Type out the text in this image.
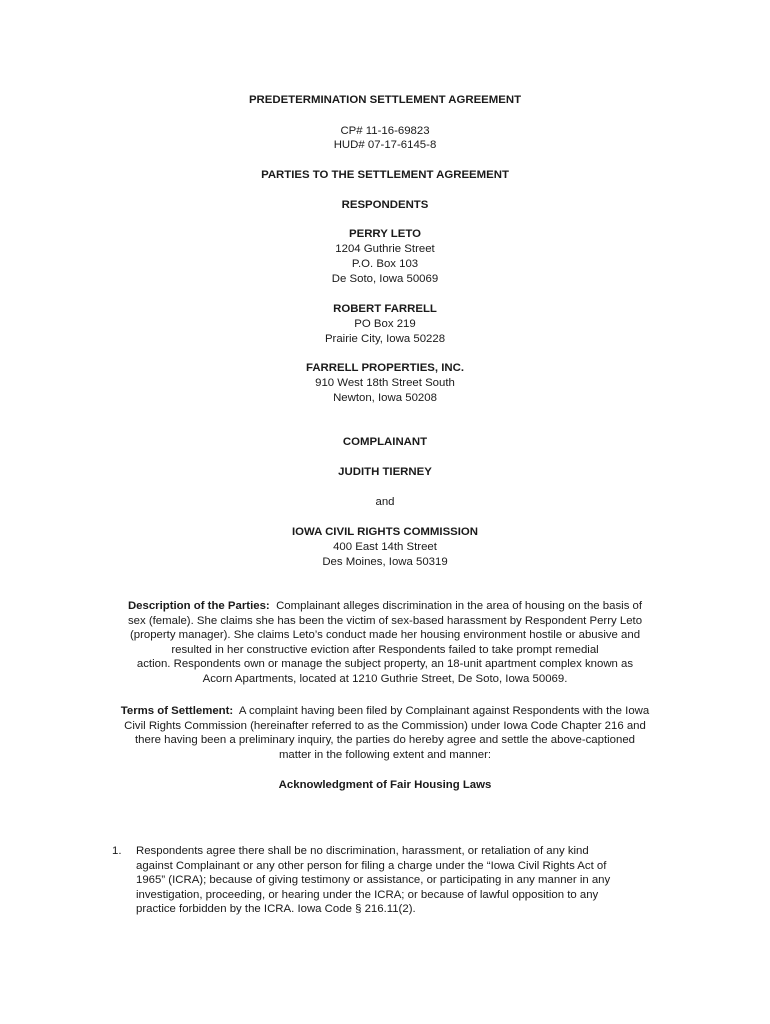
PREDETERMINATION SETTLEMENT AGREEMENT
CP# 11-16-69823
HUD# 07-17-6145-8
PARTIES TO THE SETTLEMENT AGREEMENT
RESPONDENTS
PERRY LETO
1204 Guthrie Street
P.O. Box 103
De Soto, Iowa 50069
ROBERT FARRELL
PO Box 219
Prairie City, Iowa 50228
FARRELL PROPERTIES, INC.
910 West 18th Street South
Newton, Iowa 50208
COMPLAINANT
JUDITH TIERNEY
and
IOWA CIVIL RIGHTS COMMISSION
400 East 14th Street
Des Moines, Iowa 50319
Description of the Parties: Complainant alleges discrimination in the area of housing on the basis of
sex (female). She claims she has been the victim of sex-based harassment by Respondent Perry Leto
(property manager). She claims Leto’s conduct made her housing environment hostile or abusive and
resulted in her constructive eviction after Respondents failed to take prompt remedial
action. Respondents own or manage the subject property, an 18-unit apartment complex known as
Acorn Apartments, located at 1210 Guthrie Street, De Soto, Iowa 50069.
Terms of Settlement: A complaint having been filed by Complainant against Respondents with the Iowa
Civil Rights Commission (hereinafter referred to as the Commission) under Iowa Code Chapter 216 and
there having been a preliminary inquiry, the parties do hereby agree and settle the above-captioned
matter in the following extent and manner:
Acknowledgment of Fair Housing Laws
1. Respondents agree there shall be no discrimination, harassment, or retaliation of any kind
against Complainant or any other person for filing a charge under the “Iowa Civil Rights Act of
1965” (ICRA); because of giving testimony or assistance, or participating in any manner in any
investigation, proceeding, or hearing under the ICRA; or because of lawful opposition to any
practice forbidden by the ICRA. Iowa Code § 216.11(2).
